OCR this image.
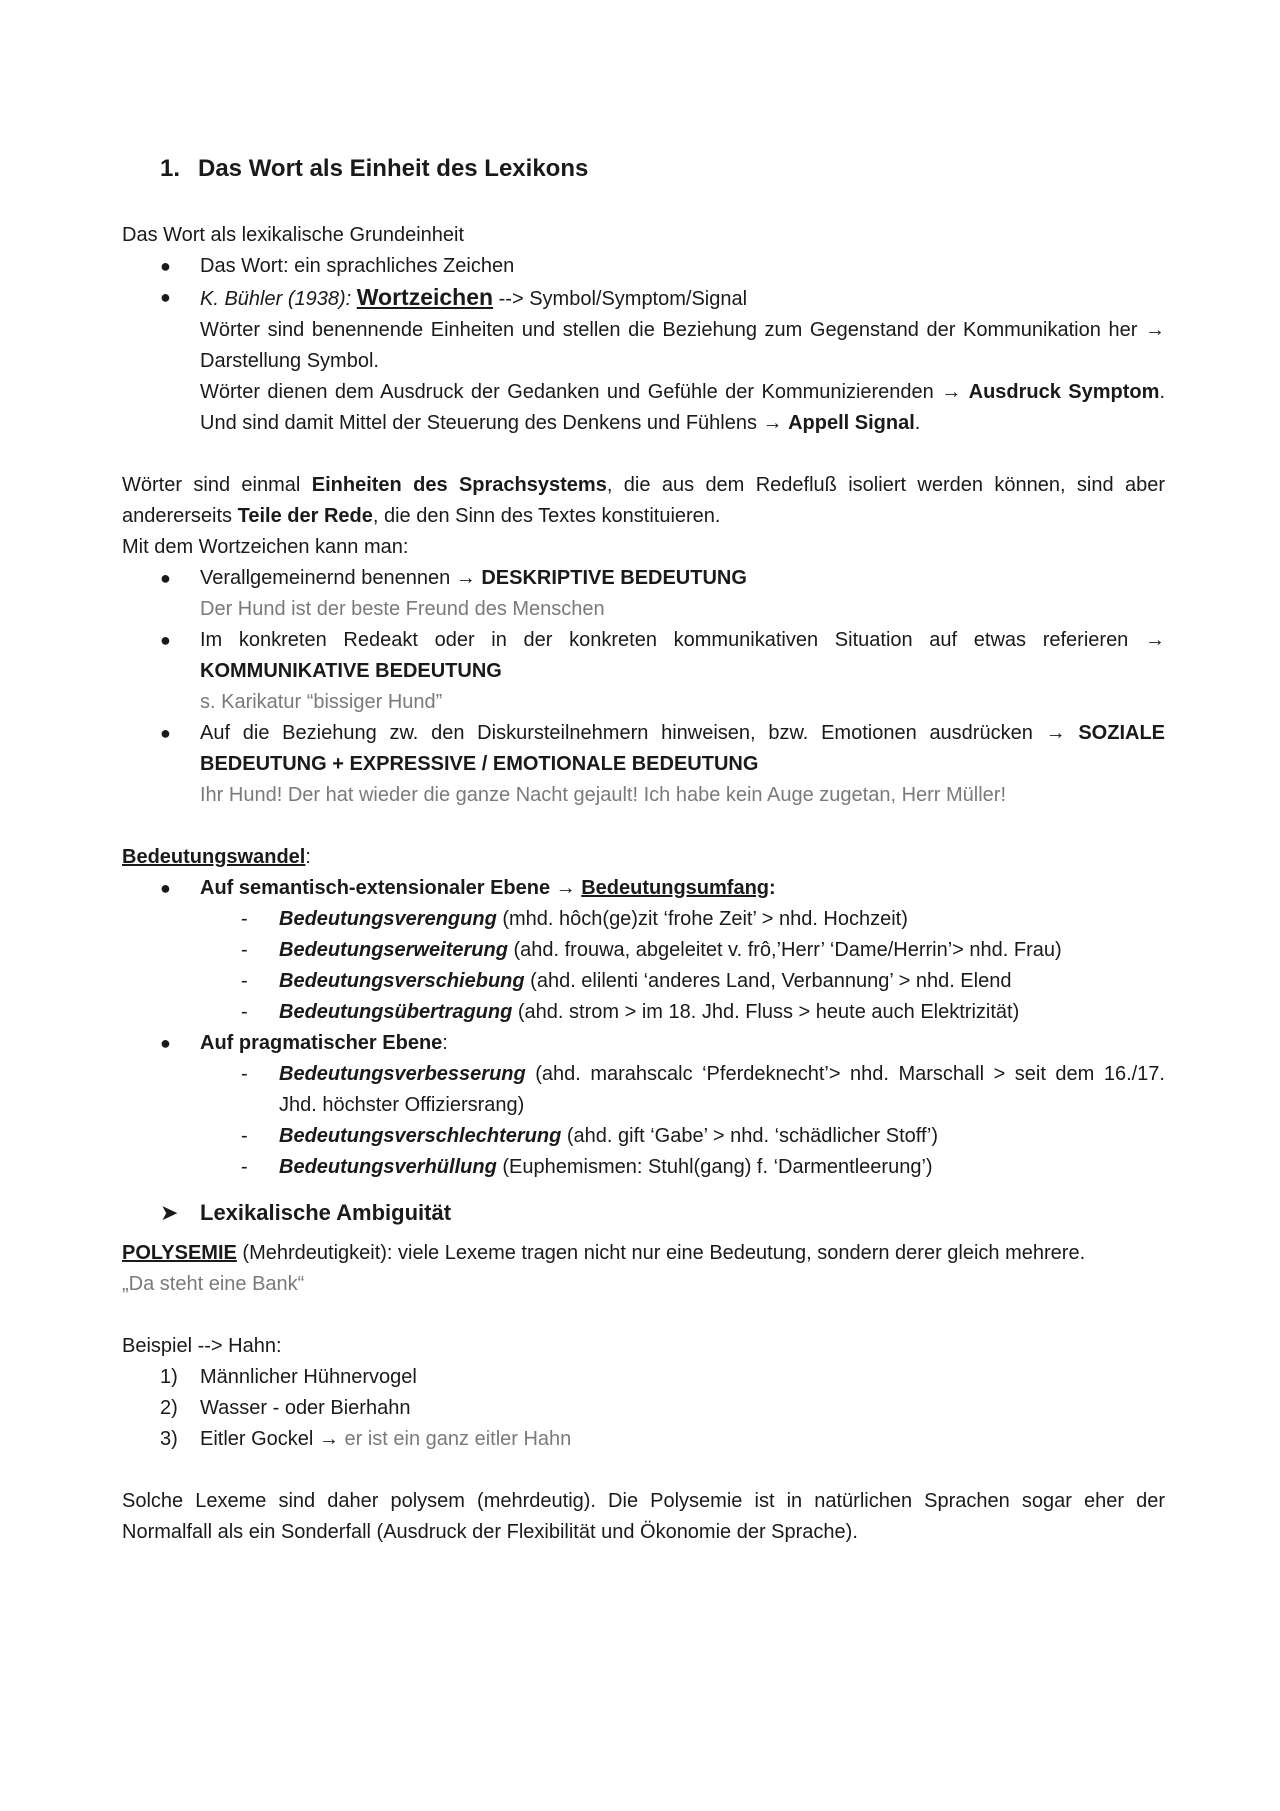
1. Das Wort als Einheit des Lexikons

Das Wort als lexikalische Grundeinheit

●	Das Wort: ein sprachliches Zeichen
●	K. Bühler (1938): Wortzeichen --> Symbol/Symptom/Signal
Wörter sind benennende Einheiten und stellen die Beziehung zum Gegenstand der Kommunikation her → Darstellung Symbol.
Wörter dienen dem Ausdruck der Gedanken und Gefühle der Kommunizierenden → Ausdruck Symptom. Und sind damit Mittel der Steuerung des Denkens und Fühlens → Appell Signal.

Wörter sind einmal Einheiten des Sprachsystems, die aus dem Redefluß isoliert werden können, sind aber andererseits Teile der Rede, die den Sinn des Textes konstituieren.

Mit dem Wortzeichen kann man:

●	Verallgemeinernd benennen → DESKRIPTIVE BEDEUTUNG
Der Hund ist der beste Freund des Menschen
●	Im konkreten Redeakt oder in der konkreten kommunikativen Situation auf etwas referieren → KOMMUNIKATIVE BEDEUTUNG
s. Karikatur “bissiger Hund”
●	Auf die Beziehung zw. den Diskursteilnehmern hinweisen, bzw. Emotionen ausdrücken → SOZIALE BEDEUTUNG + EXPRESSIVE / EMOTIONALE BEDEUTUNG
Ihr Hund! Der hat wieder die ganze Nacht gejault! Ich habe kein Auge zugetan, Herr Müller!

Bedeutungswandel:

●	Auf semantisch-extensionaler Ebene → Bedeutungsumfang:
- Bedeutungsverengung (mhd. hôch(ge)zit ‘frohe Zeit’ > nhd. Hochzeit)
- Bedeutungserweiterung (ahd. frouwa, abgeleitet v. frô,’Herr’ ‘Dame/Herrin’> nhd. Frau)
- Bedeutungsverschiebung (ahd. elilenti ‘anderes Land, Verbannung’ > nhd. Elend
- Bedeutungsübertragung (ahd. strom > im 18. Jhd. Fluss > heute auch Elektrizität)
●	Auf pragmatischer Ebene:
- Bedeutungsverbesserung (ahd. marahscalc ‘Pferdeknecht’> nhd. Marschall > seit dem 16./17. Jhd. höchster Offiziersrang)
- Bedeutungsverschlechterung (ahd. gift ‘Gabe’ > nhd. ‘schädlicher Stoff’)
- Bedeutungsverhüllung (Euphemismen: Stuhl(gang) f. ‘Darmentleerung’)
➤ Lexikalische Ambiguität

POLYSEMIE (Mehrdeutigkeit): viele Lexeme tragen nicht nur eine Bedeutung, sondern derer gleich mehrere.

„Da steht eine Bank“

Beispiel --> Hahn:

1) Männlicher Hühnervogel
2) Wasser - oder Bierhahn
3) Eitler Gockel → er ist ein ganz eitler Hahn

Solche Lexeme sind daher polysem (mehrdeutig). Die Polysemie ist in natürlichen Sprachen sogar eher der Normalfall als ein Sonderfall (Ausdruck der Flexibilität und Ökonomie der Sprache).
